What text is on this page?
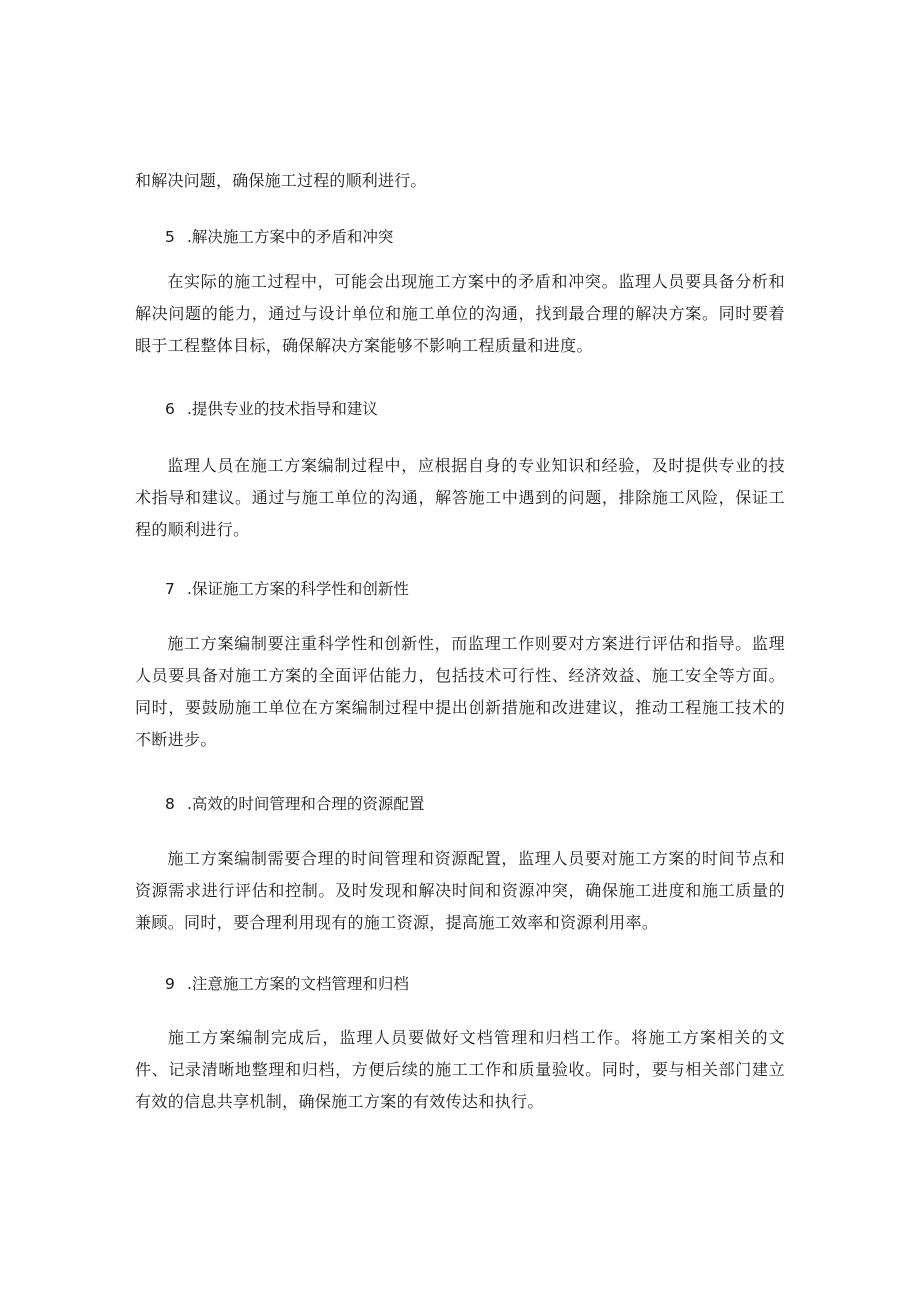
和解决问题，确保施工过程的顺利进行。
5 .解决施工方案中的矛盾和冲突
在实际的施工过程中，可能会出现施工方案中的矛盾和冲突。监理人员要具备分析和解决问题的能力，通过与设计单位和施工单位的沟通，找到最合理的解决方案。同时要着眼于工程整体目标，确保解决方案能够不影响工程质量和进度。
6 .提供专业的技术指导和建议
监理人员在施工方案编制过程中，应根据自身的专业知识和经验，及时提供专业的技术指导和建议。通过与施工单位的沟通，解答施工中遇到的问题，排除施工风险，保证工程的顺利进行。
7 .保证施工方案的科学性和创新性
施工方案编制要注重科学性和创新性，而监理工作则要对方案进行评估和指导。监理人员要具备对施工方案的全面评估能力，包括技术可行性、经济效益、施工安全等方面。同时，要鼓励施工单位在方案编制过程中提出创新措施和改进建议，推动工程施工技术的不断进步。
8 .高效的时间管理和合理的资源配置
施工方案编制需要合理的时间管理和资源配置，监理人员要对施工方案的时间节点和资源需求进行评估和控制。及时发现和解决时间和资源冲突，确保施工进度和施工质量的兼顾。同时，要合理利用现有的施工资源，提高施工效率和资源利用率。
9 .注意施工方案的文档管理和归档
施工方案编制完成后，监理人员要做好文档管理和归档工作。将施工方案相关的文件、记录清晰地整理和归档，方便后续的施工工作和质量验收。同时，要与相关部门建立有效的信息共享机制，确保施工方案的有效传达和执行。
